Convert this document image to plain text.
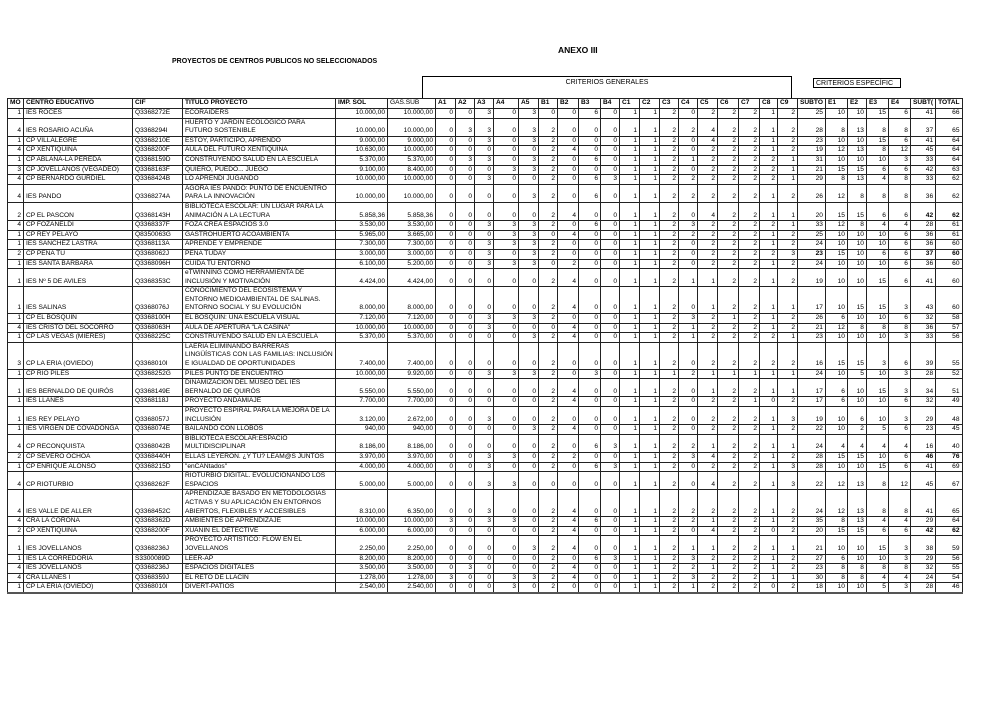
ANEXO III
PROYECTOS DE CENTROS PUBLICOS NO SELECCIONADOS
CRITERIOS GENERALES	CRITERIOS ESPECÍFIC
MO	CENTRO EDUCATIVO	CIF	TITULO PROYECTO	IMP. SOL	GAS.SUB	A1	A2	A3	A4	A5	B1	B2	B3	B4	C1	C2	C3	C4	C5	C6	C7	C8	C9	SUBTO	E1	E2	E3	E4	SUBT(	TOTAL
1	IES ROCES	Q3368272E	ECORAIDERS	10.000,00	10.000,00	0	0	3	0	3	0	0	6	0	1	1	2	0	2	2	2	1	2	25	10	10	15	6	41	66
4	IES ROSARIO ACUÑA	Q3368294I	HUERTO Y JARDIN ECOLÓGICO PARA FUTURO SOSTENIBLE	10.000,00	10.000,00	0	3	3	0	3	2	0	0	0	1	1	2	2	4	2	2	1	2	28	8	13	8	8	37	65
1	CP VILLALEGRE	Q3368210E	ESTOY, PARTICIPO, APRENDO	9.000,00	9.000,00	0	0	3	0	3	2	0	0	0	1	1	2	0	4	2	2	1	2	23	10	10	15	6	41	64
4	CP XENTIQUINA	Q3368200F	AULA DEL FUTURO XENTIQUINA	10.630,00	10.000,00	0	0	0	0	0	2	4	0	0	1	1	2	0	2	2	2	1	2	19	12	13	8	12	45	64
1	CP ABLAÑA-LA PEREDA	Q3368159D	CONSTRUYENDO SALUD EN LA ESCUELA	5.370,00	5.370,00	0	3	3	0	3	2	0	6	0	1	1	2	1	2	2	2	2	1	31	10	10	10	3	33	64
3	CP JOVELLANOS (VEGADEO)	Q3368163F	QUIERO, PUEDO... JUEGO	9.100,00	8.400,00	0	0	0	3	3	2	0	0	0	1	1	2	0	2	2	2	2	1	21	15	15	6	6	42	63
4	CP BERNARDO GURDIEL	Q3368424B	LO APRENDI JUGANDO	10.000,00	10.000,00	0	0	3	0	0	2	0	6	3	1	1	2	2	2	2	2	2	1	29	8	13	4	8	33	62
4	IES PANDO	Q3368274A	ÁGORA IES PANDO: PUNTO DE ENCUENTRO PARA LA INNOVACIÓN	10.000,00	10.000,00	0	0	0	0	3	2	0	6	0	1	1	2	2	2	2	2	1	2	26	12	8	8	8	36	62
2	CP EL PASCON	Q3368143H	BIBLIOTECA ESCOLAR: UN LUGAR PARA LA ANIMACIÓN A LA LECTURA	5.858,36	5.858,36	0	0	0	0	0	2	4	0	0	1	1	2	0	4	2	2	1	1	20	15	15	6	6	42	62
4	CP FOZANELDI	Q3368337F	FOZA CREA ESPACIOS 3.0	3.530,00	3.530,00	0	0	3	3	3	2	0	6	0	1	1	2	3	2	2	2	2	1	33	12	8	4	4	28	61
1	CP REY PELAYO	Q8350063G	GASTROHUERTO ACOAMBIENTA	5.965,00	3.665,00	0	0	0	3	3	0	4	0	0	1	1	2	2	2	2	2	1	2	25	10	10	10	6	36	61
1	IES SANCHEZ LASTRA	Q3368113A	APRENDE Y EMPRENDE	7.300,00	7.300,00	0	0	3	3	3	2	0	0	0	1	1	2	0	2	2	2	1	2	24	10	10	10	6	36	60
2	CP PEÑA TU	Q3368062J	PENA TUDAY	3.000,00	3.000,00	0	0	3	0	3	2	0	0	0	1	1	2	0	2	2	2	2	3	23	15	10	6	6	37	60
1	IES SANTA BÁRBARA	Q3368096H	CUIDA TU ENTORNO	6.100,00	5.200,00	0	0	3	3	3	0	2	0	0	1	1	2	0	2	2	2	1	2	24	10	10	10	6	36	60
1	IES Nº 5 DE AVILES	Q3368353C	eTWINNING COMO HERRAMIENTA DE INCLUSIÓN Y MOTIVACIÓN	4.424,00	4.424,00	0	0	0	0	0	2	4	0	0	1	1	2	1	1	2	2	1	2	19	10	10	15	6	41	60
1	IES SALINAS	Q3368076J	CONOCIMIENTO DEL ECOSISTEMA Y ENTORNO MEDIOAMBIENTAL DE SALINAS. ENTORNO SOCIAL Y SU EVOLUCIÓN	8.000,00	8.000,00	0	0	0	0	0	2	4	0	0	1	1	2	0	1	2	2	1	1	17	10	15	15	3	43	60
1	CP EL BOSQUIN	Q3368100H	EL BOSQUIN: UNA ESCUELA VISUAL	7.120,00	7.120,00	0	0	3	3	3	2	0	0	0	1	1	2	3	2	1	2	1	2	26	6	10	10	6	32	58
4	IES CRISTO DEL SOCORRO	Q3368063H	AULA DE APERTURA "LA CASINA"	10.000,00	10.000,00	0	0	3	0	0	0	4	0	0	1	1	2	1	2	2	2	1	2	21	12	8	8	8	36	57
1	CP LAS VEGAS (MIERES)	Q3368225C	CONSTRUYENDO SALUD EN LA ESCUELA	5.370,00	5.370,00	0	0	0	0	3	2	4	0	0	1	1	2	1	2	2	2	2	1	23	10	10	10	3	33	56
3	CP LA ERIA (OVIEDO)	Q3368010I	LAERIA ELIMINANDO BARRERAS LINGÜÍSTICAS CON LAS FAMILIAS: INCLUSIÓN E IGUALDAD DE OPORTUNIDADES	7.400,00	7.400,00	0	0	0	0	0	2	0	0	0	1	1	2	0	2	2	2	2	2	16	15	15	3	6	39	55
1	CP RIO PILES	Q3368252G	PILES PUNTO DE ENCUENTRO	10.000,00	9.920,00	0	0	3	3	3	2	0	3	0	1	1	1	2	1	1	1	1	1	24	10	5	10	3	28	52
1	IES BERNALDO DE QUIRÓS	Q3368149E	DINAMIZACIÓN DEL MUSEO DEL IES BERNALDO DE QUIRÓS	5.550,00	5.550,00	0	0	0	0	0	2	4	0	0	1	1	2	0	1	2	2	1	1	17	6	10	15	3	34	51
1	IES LLANES	Q3368118J	PROYECTO ANDAMIAJE	7.700,00	7.700,00	0	0	0	0	0	2	4	0	0	1	1	2	0	2	2	1	0	2	17	6	10	10	6	32	49
1	IES REY PELAYO	Q3368057J	PROYECTO ESPIRAL PARA LA MEJORA DE LA INCLUSIÓN	3.120,00	2.672,00	0	0	3	0	0	2	0	0	0	1	1	2	0	2	2	2	1	3	19	10	6	10	3	29	48
1	IES VIRGEN DE COVADONGA	Q3368074E	BAILANDO CON LLOBOS	940,00	940,00	0	0	0	0	3	2	4	0	0	1	1	2	0	2	2	2	1	2	22	10	2	5	6	23	45
4	CP RECONQUISTA	Q3368042B	BIBLIOTECA ESCOLAR:ESPACIO MULTIDISCIPLINAR	8.186,00	8.186,00	0	0	0	0	0	2	0	6	3	1	1	2	2	1	2	2	1	1	24	4	4	4	4	16	40
2	CP SEVERO OCHOA	Q3368440H	ELLAS LEYERON. ¿Y TÚ? LEAM@S JUNTOS	3.970,00	3.970,00	0	0	3	3	0	2	2	0	0	1	1	2	3	4	2	2	1	2	28	15	15	10	6	46	76
1	CP ENRIQUE ALONSO	Q3368215D	"enCANtados"	4.000,00	4.000,00	0	0	3	0	0	2	0	6	3	1	1	2	0	2	2	2	1	3	28	10	10	15	6	41	69
4	CP RIOTURBIO	Q3368262F	RIOTURBIO DIGITAL. EVOLUCIONANDO LOS ESPACIOS	5.000,00	5.000,00	0	0	3	3	0	0	0	0	0	1	1	2	0	4	2	2	1	3	22	12	13	8	12	45	67
4	IES VALLE DE ALLER	Q3368452C	APRENDIZAJE BASADO EN METODOLOGIAS ACTIVAS Y SU APLICACIÓN EN ENTORNOS ABIERTOS, FLEXIBLES Y ACCESIBLES	8.310,00	6.350,00	0	0	3	0	0	2	4	0	0	1	1	2	2	2	2	2	1	2	24	12	13	8	8	41	65
4	CRA LA COROÑA	Q3368362D	AMBIENTES DE APRENDIZAJE	10.000,00	10.000,00	3	0	3	3	0	2	4	6	0	1	1	2	2	1	2	2	1	2	35	8	13	4	4	29	64
2	CP XENTIQUINA	Q3368200F	XUANIN EL DETECTIVE	6.000,00	6.000,00	0	0	0	0	0	2	4	0	0	1	1	2	0	4	2	2	0	2	20	15	15	6	6	42	62
1	IES JOVELLANOS	Q3368236J	PROYECTO ARTÍSTICO: FLOW EN EL JOVELLANOS	2.250,00	2.250,00	0	0	0	0	3	2	4	0	0	1	1	2	1	1	2	2	1	1	21	10	10	15	3	38	59
1	IES LA CORREDORIA	S3300089D	LEER-AP	8.200,00	8.200,00	0	0	0	0	0	2	0	6	3	1	1	2	3	2	2	2	1	2	27	6	10	10	3	29	56
4	IES JOVELLANOS	Q3368236J	ESPACIOS DIGITALES	3.500,00	3.500,00	0	3	0	0	0	2	4	0	0	1	1	2	2	1	2	2	1	2	23	8	8	8	8	32	55
4	CRA LLANES I	Q3368359J	EL RETO DE LLACÍN	1.278,00	1.278,00	3	0	0	3	3	2	4	0	0	1	1	2	3	2	2	2	1	1	30	8	8	4	4	24	54
1	CP LA ERIA (OVIEDO)	Q3368010I	DIVERT-PATIOS	2.540,00	2.540,00	0	0	0	3	0	2	0	0	0	1	1	2	1	2	2	2	0	2	18	10	10	5	3	28	46
